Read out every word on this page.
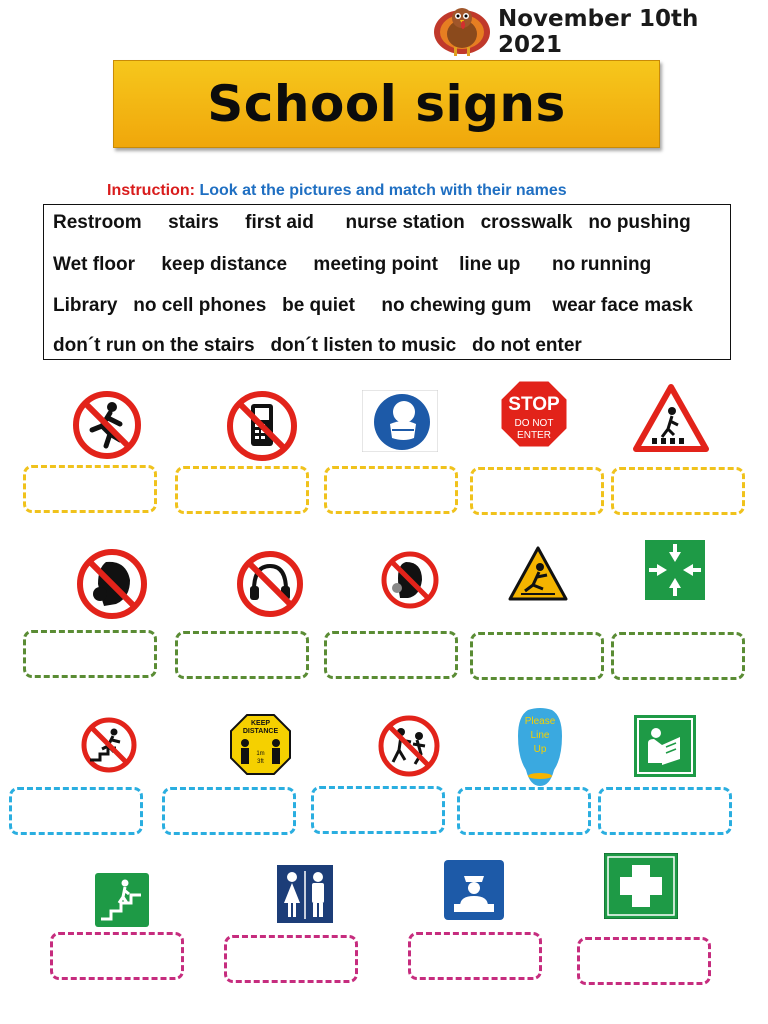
November 10th 2021
School signs
Instruction: Look at the pictures and match with their names
Restroom     stairs     first aid      nurse station   crosswalk   no pushing
Wet floor     keep distance     meeting point    line up      no running
Library   no cell phones   be quiet     no chewing gum    wear face mask
don´t run on the stairs   don´t listen to music   do not enter
STOP
DO NOT
ENTER
KEEP
DISTANCE
1m
3ft
Please
Line
Up
